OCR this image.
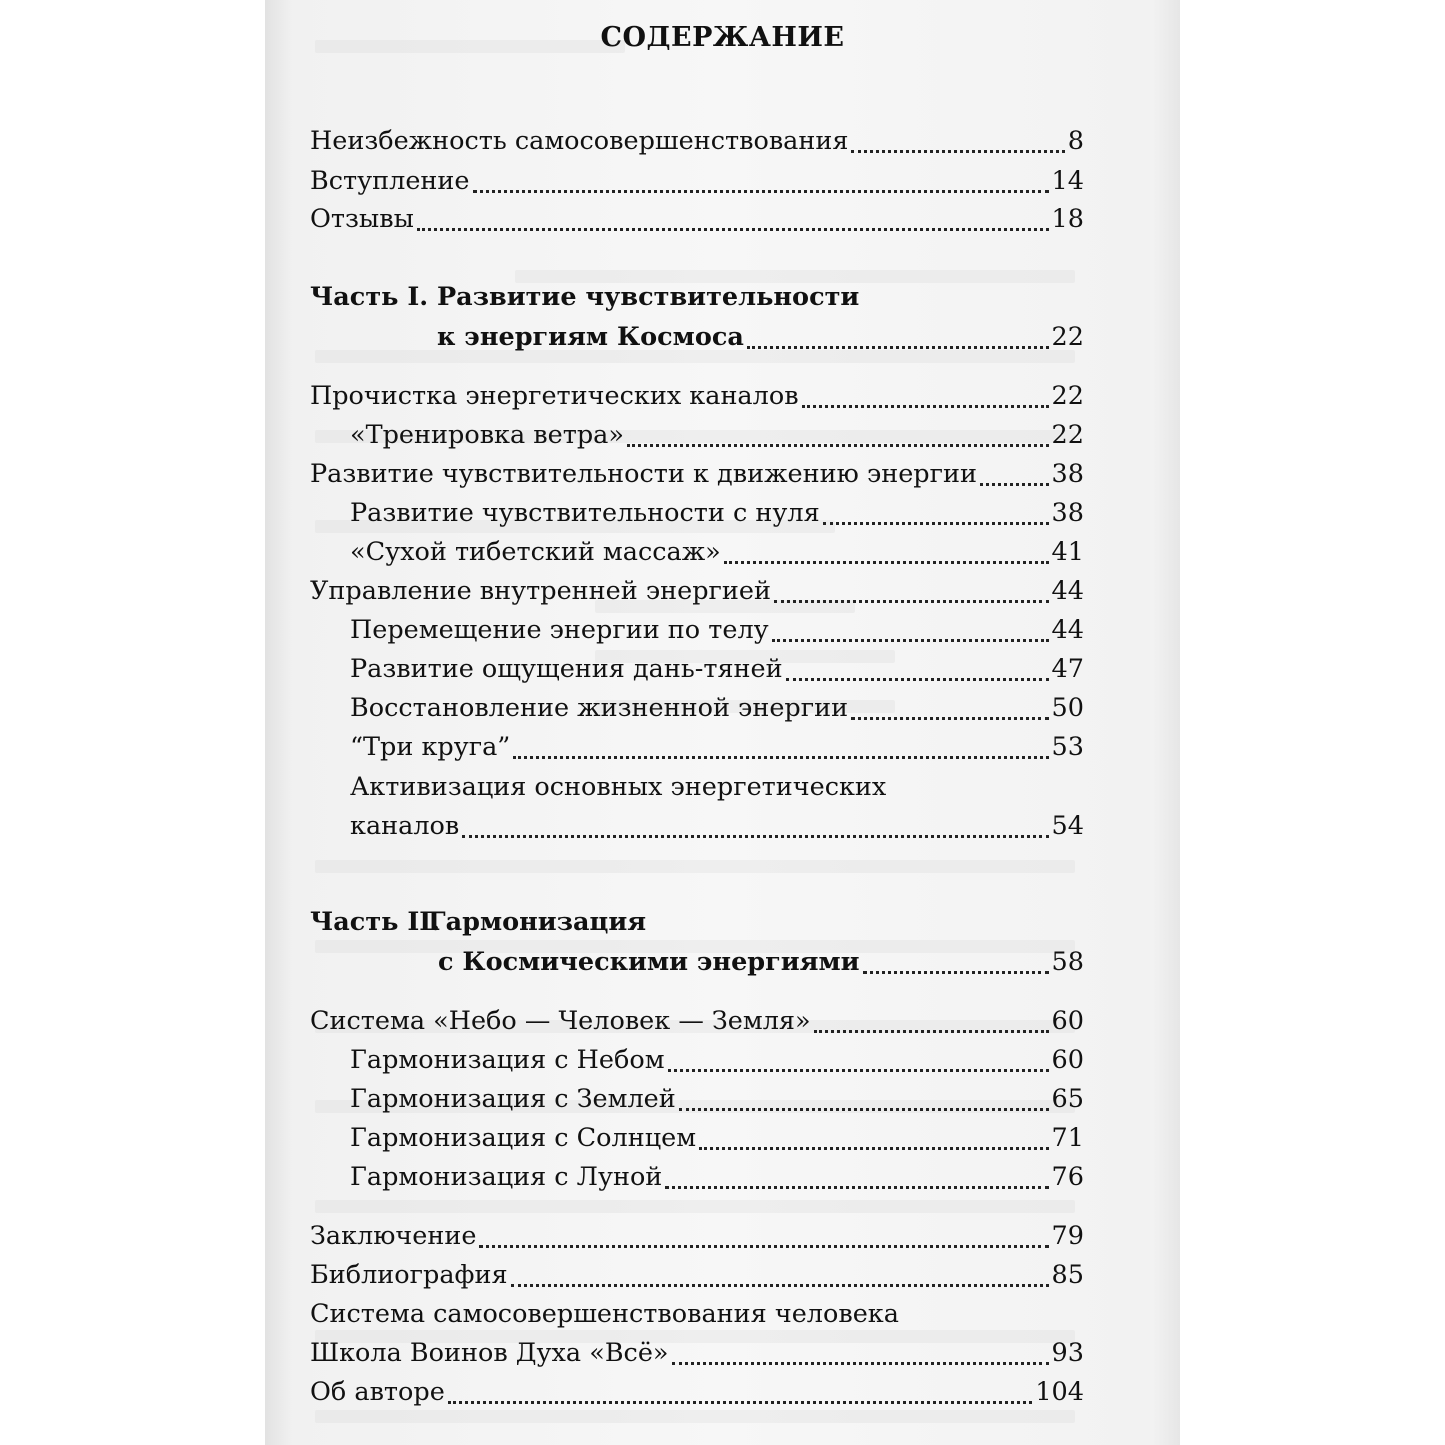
СОДЕРЖАНИЕ
Неизбежность самосовершенствования	8
Вступление	14
Отзывы	18
Часть I. Развитие чувствительности
к энергиям Космоса	22
Прочистка энергетических каналов	22
«Тренировка ветра»	22
Развитие чувствительности к движению энергии	38
Развитие чувствительности с нуля	38
«Сухой тибетский массаж»	41
Управление внутренней энергией	44
Перемещение энергии по телу	44
Развитие ощущения дань-тяней	47
Восстановление жизненной энергии	50
“Три круга”	53
Активизация основных энергетических
каналов	54
Часть II.Гармонизация
с Космическими энергиями	58
Система «Небо — Человек — Земля»	60
Гармонизация с Небом	60
Гармонизация с Землей	65
Гармонизация с Солнцем	71
Гармонизация с Луной	76
Заключение	79
Библиография	85
Система самосовершенствования человека
Школа Воинов Духа «Всё»	93
Об авторе	104
